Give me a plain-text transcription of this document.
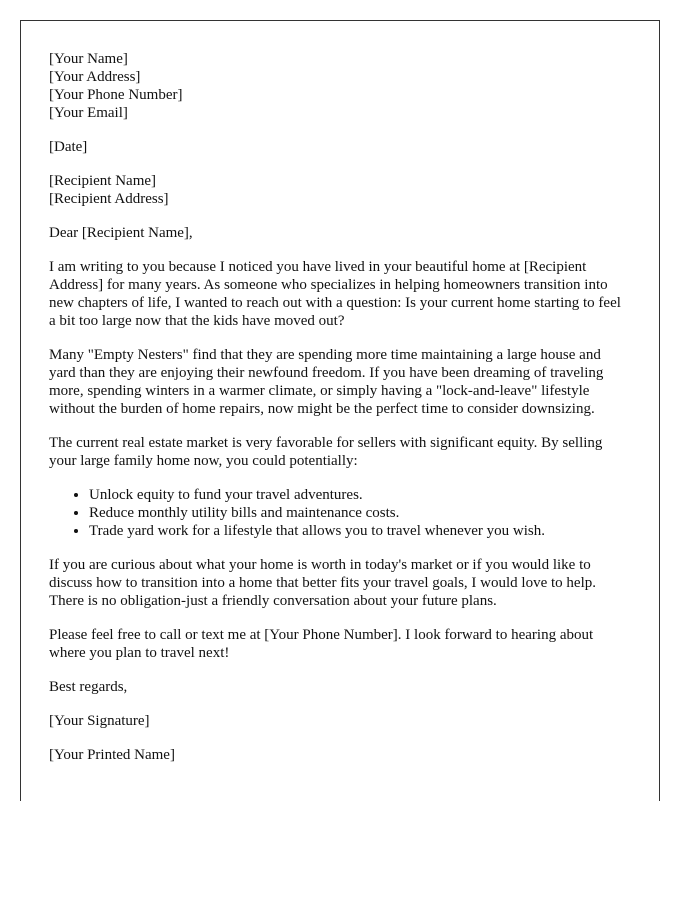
[Your Name]
[Your Address]
[Your Phone Number]
[Your Email]

[Date]

[Recipient Name]
[Recipient Address]

Dear [Recipient Name],

I am writing to you because I noticed you have lived in your beautiful home at [Recipient Address] for many years. As someone who specializes in helping homeowners transition into new chapters of life, I wanted to reach out with a question: Is your current home starting to feel a bit too large now that the kids have moved out?

Many "Empty Nesters" find that they are spending more time maintaining a large house and yard than they are enjoying their newfound freedom. If you have been dreaming of traveling more, spending winters in a warmer climate, or simply having a "lock-and-leave" lifestyle without the burden of home repairs, now might be the perfect time to consider downsizing.

The current real estate market is very favorable for sellers with significant equity. By selling your large family home now, you could potentially:

• Unlock equity to fund your travel adventures.
• Reduce monthly utility bills and maintenance costs.
• Trade yard work for a lifestyle that allows you to travel whenever you wish.

If you are curious about what your home is worth in today's market or if you would like to discuss how to transition into a home that better fits your travel goals, I would love to help. There is no obligation-just a friendly conversation about your future plans.

Please feel free to call or text me at [Your Phone Number]. I look forward to hearing about where you plan to travel next!

Best regards,

[Your Signature]

[Your Printed Name]
